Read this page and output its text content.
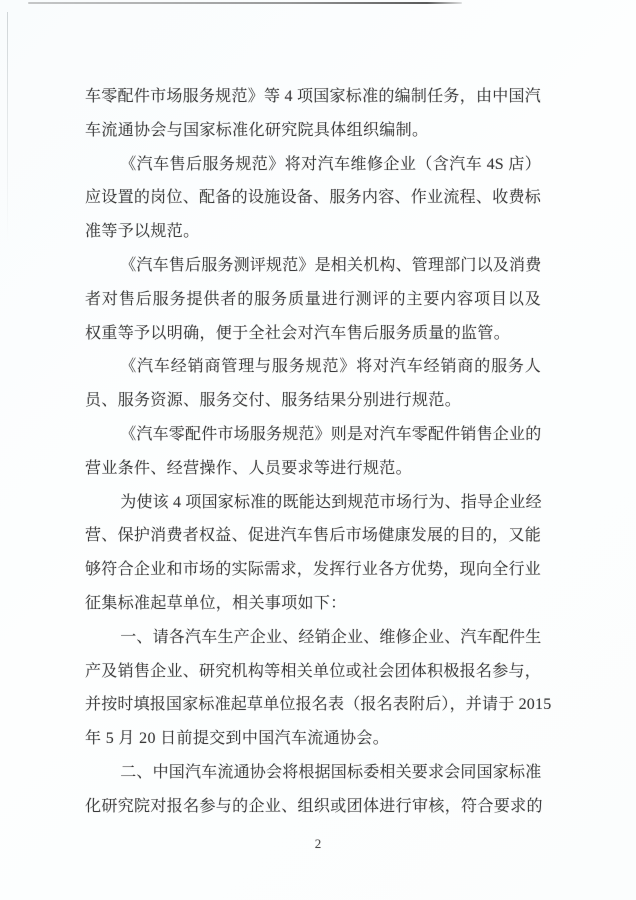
车零配件市场服务规范》等 4 项国家标准的编制任务，由中国汽
车流通协会与国家标准化研究院具体组织编制。
《汽车售后服务规范》将对汽车维修企业（含汽车 4S 店）
应设置的岗位、配备的设施设备、服务内容、作业流程、收费标
准等予以规范。
《汽车售后服务测评规范》是相关机构、管理部门以及消费
者对售后服务提供者的服务质量进行测评的主要内容项目以及
权重等予以明确，便于全社会对汽车售后服务质量的监管。
《汽车经销商管理与服务规范》将对汽车经销商的服务人
员、服务资源、服务交付、服务结果分别进行规范。
《汽车零配件市场服务规范》则是对汽车零配件销售企业的
营业条件、经营操作、人员要求等进行规范。
为使该 4 项国家标准的既能达到规范市场行为、指导企业经
营、保护消费者权益、促进汽车售后市场健康发展的目的，又能
够符合企业和市场的实际需求，发挥行业各方优势，现向全行业
征集标准起草单位，相关事项如下：
一、请各汽车生产企业、经销企业、维修企业、汽车配件生
产及销售企业、研究机构等相关单位或社会团体积极报名参与，
并按时填报国家标准起草单位报名表（报名表附后），并请于 2015
年 5 月 20 日前提交到中国汽车流通协会。
二、中国汽车流通协会将根据国标委相关要求会同国家标准
化研究院对报名参与的企业、组织或团体进行审核，符合要求的
2
